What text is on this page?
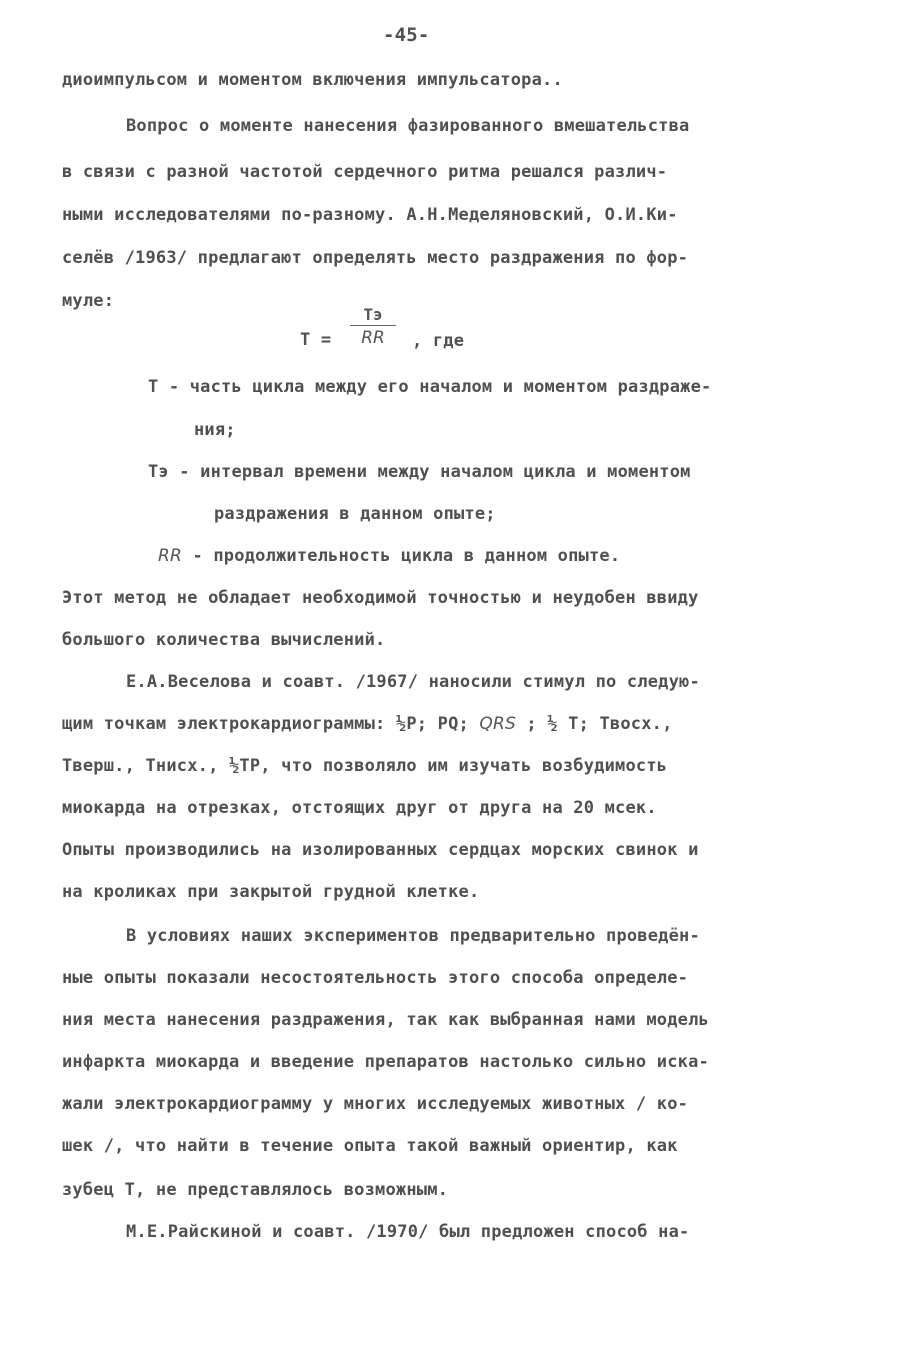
-45-
диоимпульсом и моментом включения импульсатора..
Вопрос о моменте нанесения фазированного вмешательства
в связи с разной частотой сердечного ритма решался различ-
ными исследователями по-разному. А.Н.Меделяновский, О.И.Ки-
селёв /1963/ предлагают определять место раздражения по фор-
муле:
Т =
Тэ
RR	, где
Т - часть цикла между его началом и моментом раздраже-
ния;
Тэ - интервал времени между началом цикла и моментом
раздражения в данном опыте;
RR - продолжительность цикла в данном опыте.
Этот метод не обладает необходимой точностью и неудобен ввиду
большого количества вычислений.
Е.А.Веселова и соавт. /1967/ наносили стимул по следую-
щим точкам электрокардиограммы: ½P; PQ; QRS ; ½ T; Твосх.,
Тверш., Тнисх., ½TP, что позволяло им изучать возбудимость
миокарда на отрезках, отстоящих друг от друга на 20 мсек.
Опыты производились на изолированных сердцах морских свинок и
на кроликах при закрытой грудной клетке.
В условиях наших экспериментов предварительно проведён-
ные опыты показали несостоятельность этого способа определе-
ния места нанесения раздражения, так как выбранная нами модель
инфаркта миокарда и введение препаратов настолько сильно иска-
жали электрокардиограмму у многих исследуемых животных / ко-
шек /, что найти в течение опыта такой важный ориентир, как
зубец Т, не представлялось возможным.
М.Е.Райскиной и соавт. /1970/ был предложен способ на-
